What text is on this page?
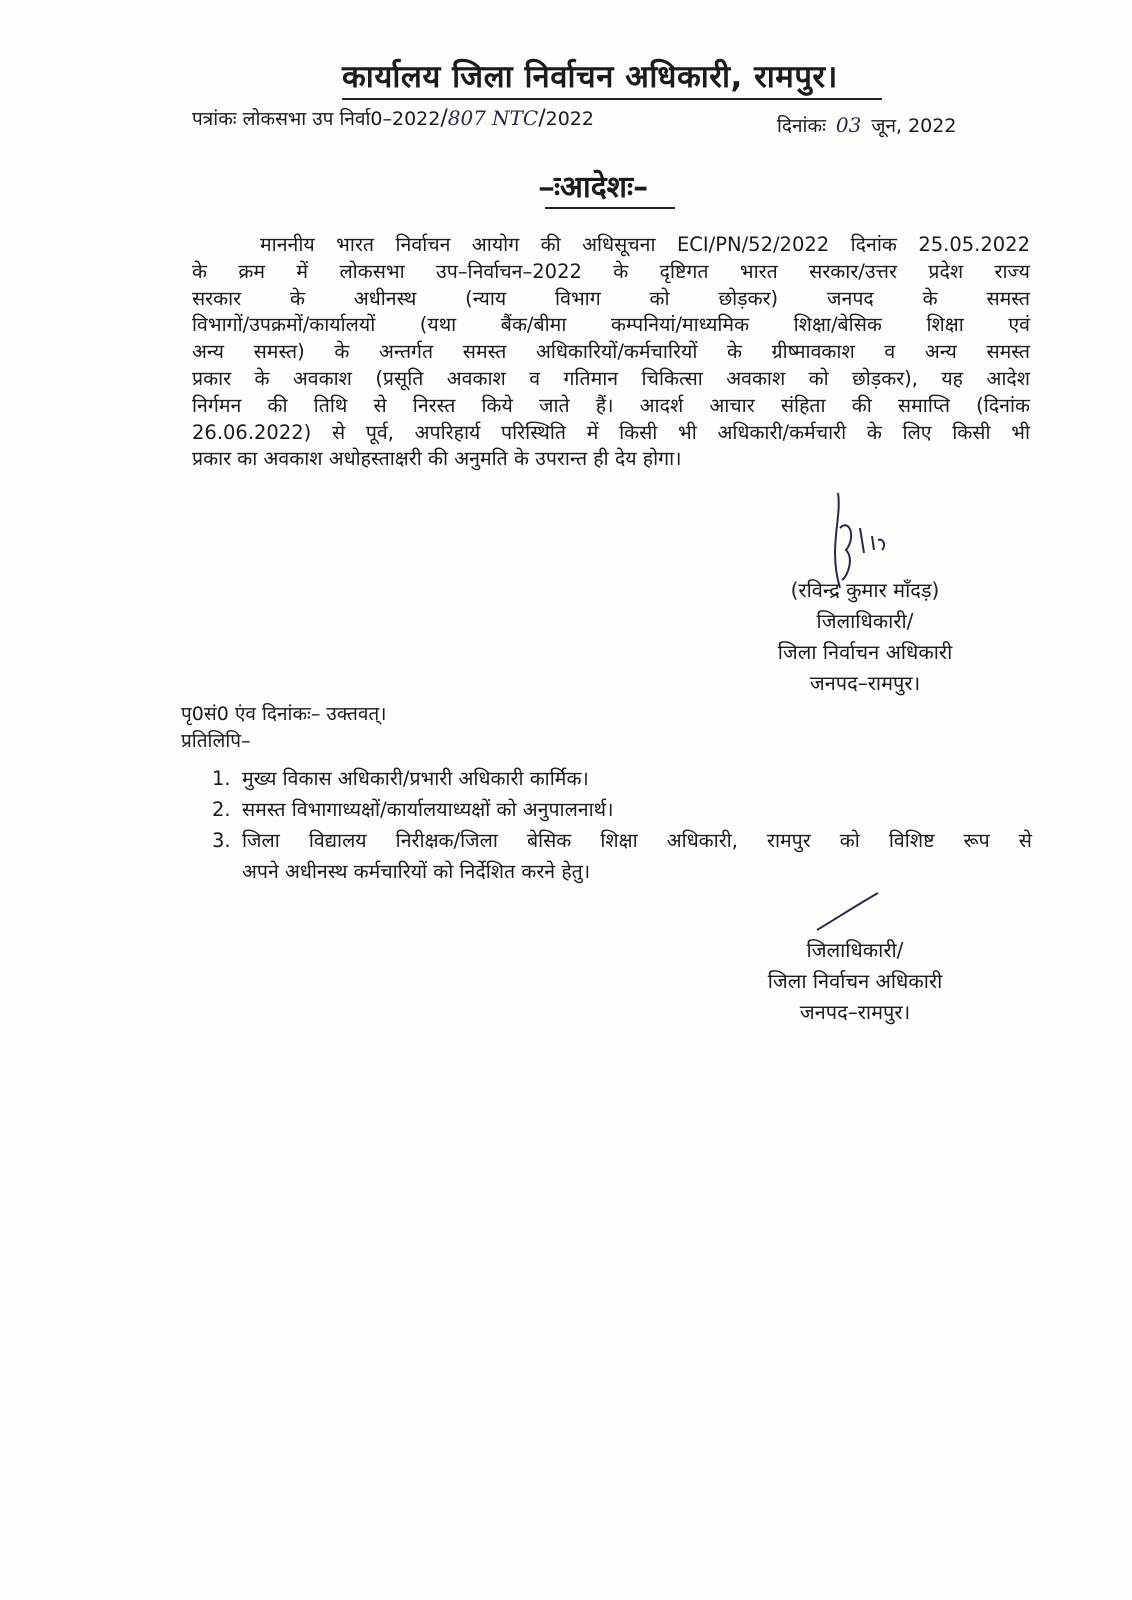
कार्यालय जिला निर्वाचन अधिकारी, रामपुर।
पत्रांकः लोकसभा उप निर्वा0–2022/807 NTC/2022	दिनांकः 03 जून, 2022
–ःआदेशः–
माननीय भारत निर्वाचन आयोग की अधिसूचना ECI/PN/52/2022 दिनांक 25.05.2022
के क्रम में लोकसभा उप–निर्वाचन–2022 के दृष्टिगत भारत सरकार/उत्तर प्रदेश राज्य
सरकार के अधीनस्थ (न्याय विभाग को छोड़कर) जनपद के समस्त
विभागों/उपक्रमों/कार्यालयों (यथा बैंक/बीमा कम्पनियां/माध्यमिक शिक्षा/बेसिक शिक्षा एवं
अन्य समस्त) के अन्तर्गत समस्त अधिकारियों/कर्मचारियों के ग्रीष्मावकाश व अन्य समस्त
प्रकार के अवकाश (प्रसूति अवकाश व गतिमान चिकित्सा अवकाश को छोड़कर), यह आदेश
निर्गमन की तिथि से निरस्त किये जाते हैं। आदर्श आचार संहिता की समाप्ति (दिनांक
26.06.2022) से पूर्व, अपरिहार्य परिस्थिति में किसी भी अधिकारी/कर्मचारी के लिए किसी भी
प्रकार का अवकाश अधोहस्ताक्षरी की अनुमति के उपरान्त ही देय होगा।
(रविन्द्र कुमार माँदड़)
जिलाधिकारी/
जिला निर्वाचन अधिकारी
जनपद–रामपुर।
पृ0सं0 एंव दिनांकः– उक्तवत्।
प्रतिलिपि–
1. मुख्य विकास अधिकारी/प्रभारी अधिकारी कार्मिक।
2. समस्त विभागाध्यक्षों/कार्यालयाध्यक्षों को अनुपालनार्थ।
3. जिला विद्यालय निरीक्षक/जिला बेसिक शिक्षा अधिकारी, रामपुर को विशिष्ट रूप से
अपने अधीनस्थ कर्मचारियों को निर्देशित करने हेतु।
जिलाधिकारी/
जिला निर्वाचन अधिकारी
जनपद–रामपुर।
